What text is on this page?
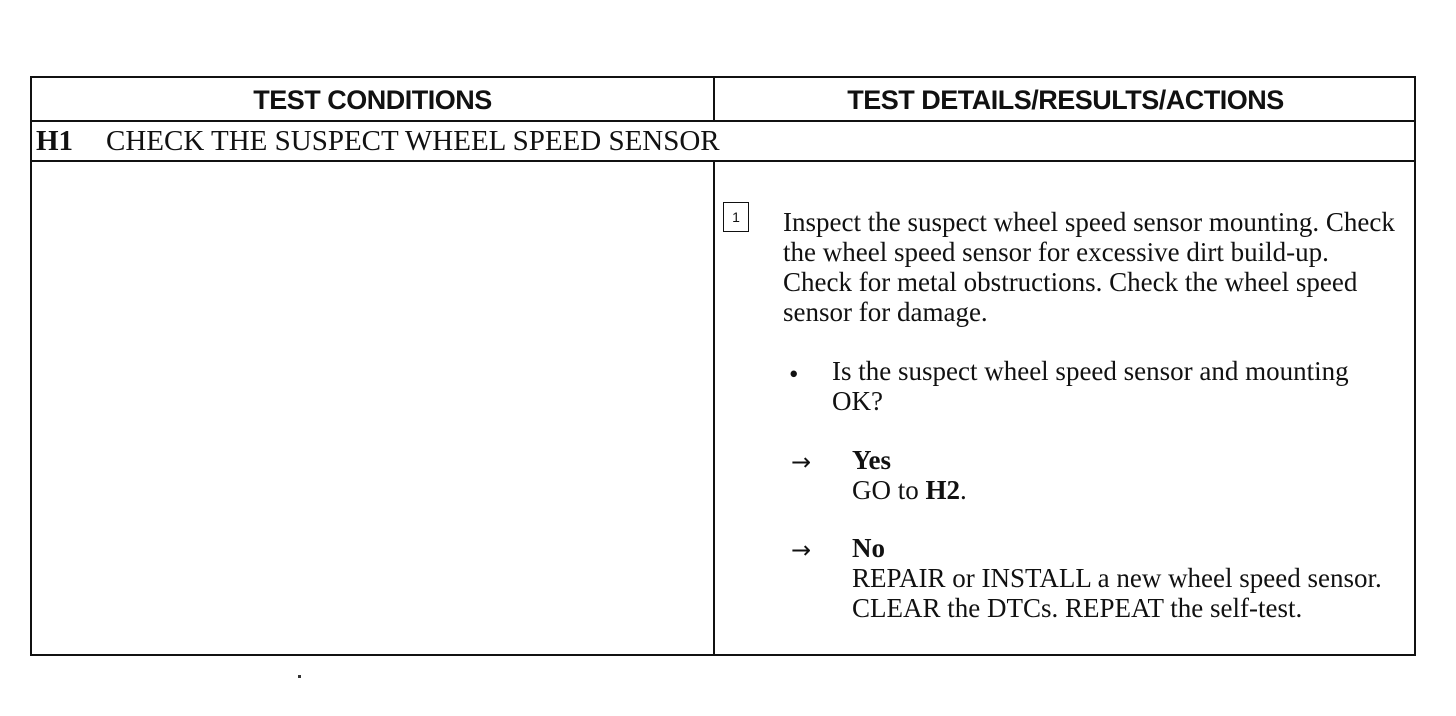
TEST CONDITIONS	TEST DETAILS/RESULTS/ACTIONS
H1 CHECK THE SUSPECT WHEEL SPEED SENSOR
1	Inspect the suspect wheel speed sensor mounting. Check the wheel speed sensor for excessive dirt build-up. Check for metal obstructions. Check the wheel speed sensor for damage.
• Is the suspect wheel speed sensor and mounting OK?
→ Yes
GO to H2.
→ No
REPAIR or INSTALL a new wheel speed sensor. CLEAR the DTCs. REPEAT the self-test.
